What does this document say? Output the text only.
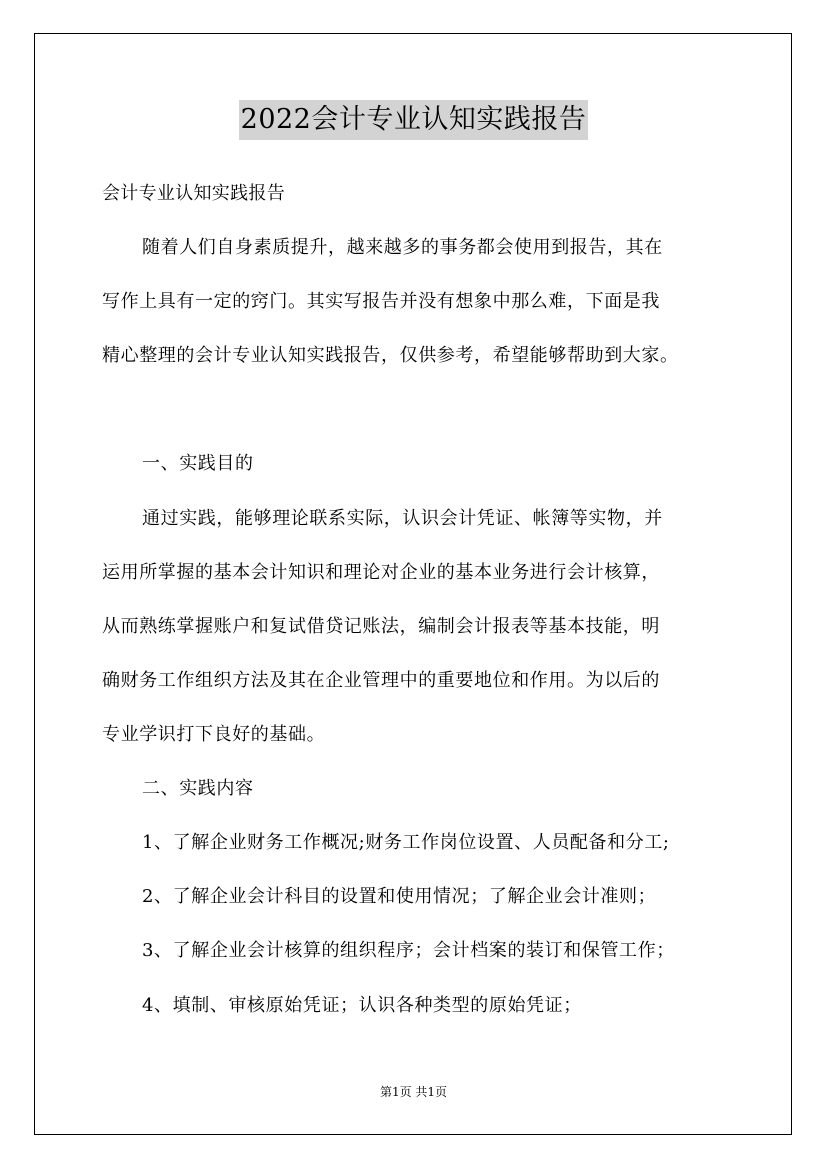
2022会计专业认知实践报告
会计专业认知实践报告
随着人们自身素质提升，越来越多的事务都会使用到报告，其在
写作上具有一定的窍门。其实写报告并没有想象中那么难，下面是我
精心整理的会计专业认知实践报告，仅供参考，希望能够帮助到大家。
一、实践目的
通过实践，能够理论联系实际，认识会计凭证、帐簿等实物，并
运用所掌握的基本会计知识和理论对企业的基本业务进行会计核算，
从而熟练掌握账户和复试借贷记账法，编制会计报表等基本技能，明
确财务工作组织方法及其在企业管理中的重要地位和作用。为以后的
专业学识打下良好的基础。
二、实践内容
1、了解企业财务工作概况;财务工作岗位设置、人员配备和分工;
2、了解企业会计科目的设置和使用情况；了解企业会计准则；
3、了解企业会计核算的组织程序；会计档案的装订和保管工作；
4、填制、审核原始凭证；认识各种类型的原始凭证；
第1页 共1页
